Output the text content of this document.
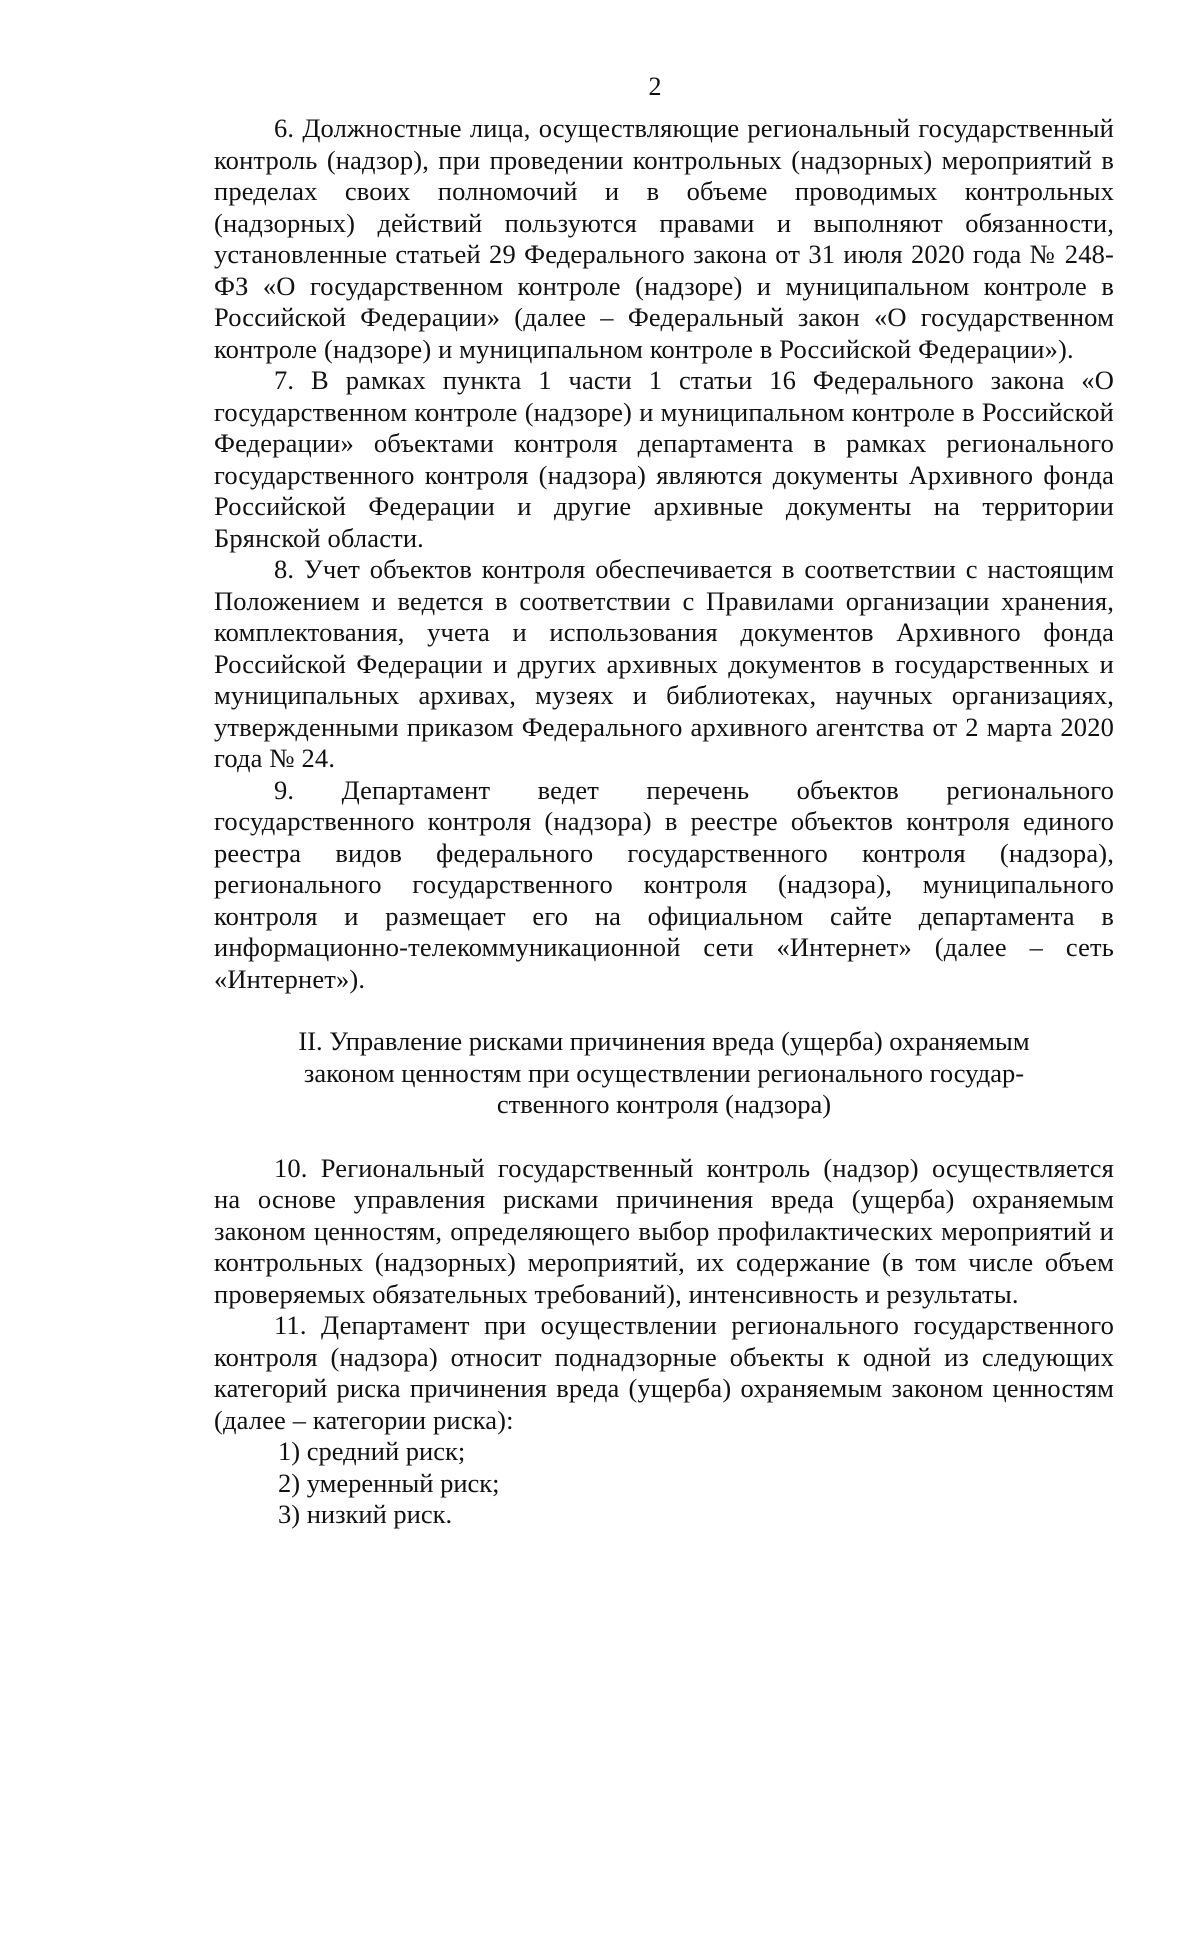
2

6. Должностные лица, осуществляющие региональный государственный контроль (надзор), при проведении контрольных (надзорных) мероприятий в пределах своих полномочий и в объеме проводимых контрольных (надзорных) действий пользуются правами и выполняют обязанности, установленные статьей 29 Федерального закона от 31 июля 2020 года № 248-ФЗ «О государственном контроле (надзоре) и муниципальном контроле в Российской Федерации» (далее – Федеральный закон «О государственном контроле (надзоре) и муниципальном контроле в Российской Федерации»).

7. В рамках пункта 1 части 1 статьи 16 Федерального закона «О государственном контроле (надзоре) и муниципальном контроле в Российской Федерации» объектами контроля департамента в рамках регионального государственного контроля (надзора) являются документы Архивного фонда Российской Федерации и другие архивные документы на территории Брянской области.

8. Учет объектов контроля обеспечивается в соответствии с настоящим Положением и ведется в соответствии с Правилами организации хранения, комплектования, учета и использования документов Архивного фонда Российской Федерации и других архивных документов в государственных и муниципальных архивах, музеях и библиотеках, научных организациях, утвержденными приказом Федерального архивного агентства от 2 марта 2020 года № 24.

9. Департамент ведет перечень объектов регионального государственного контроля (надзора) в реестре объектов контроля единого реестра видов федерального государственного контроля (надзора), регионального государственного контроля (надзора), муниципального контроля и размещает его на официальном сайте департамента в информационно-телекоммуникационной сети «Интернет» (далее – сеть «Интернет»).

II. Управление рисками причинения вреда (ущерба) охраняемым
законом ценностям при осуществлении регионального государ-
ственного контроля (надзора)

10. Региональный государственный контроль (надзор) осуществляется на основе управления рисками причинения вреда (ущерба) охраняемым законом ценностям, определяющего выбор профилактических мероприятий и контрольных (надзорных) мероприятий, их содержание (в том числе объем проверяемых обязательных требований), интенсивность и результаты.

11. Департамент при осуществлении регионального государственного контроля (надзора) относит поднадзорные объекты к одной из следующих категорий риска причинения вреда (ущерба) охраняемым законом ценностям (далее – категории риска):

1) средний риск;
2) умеренный риск;
3) низкий риск.
